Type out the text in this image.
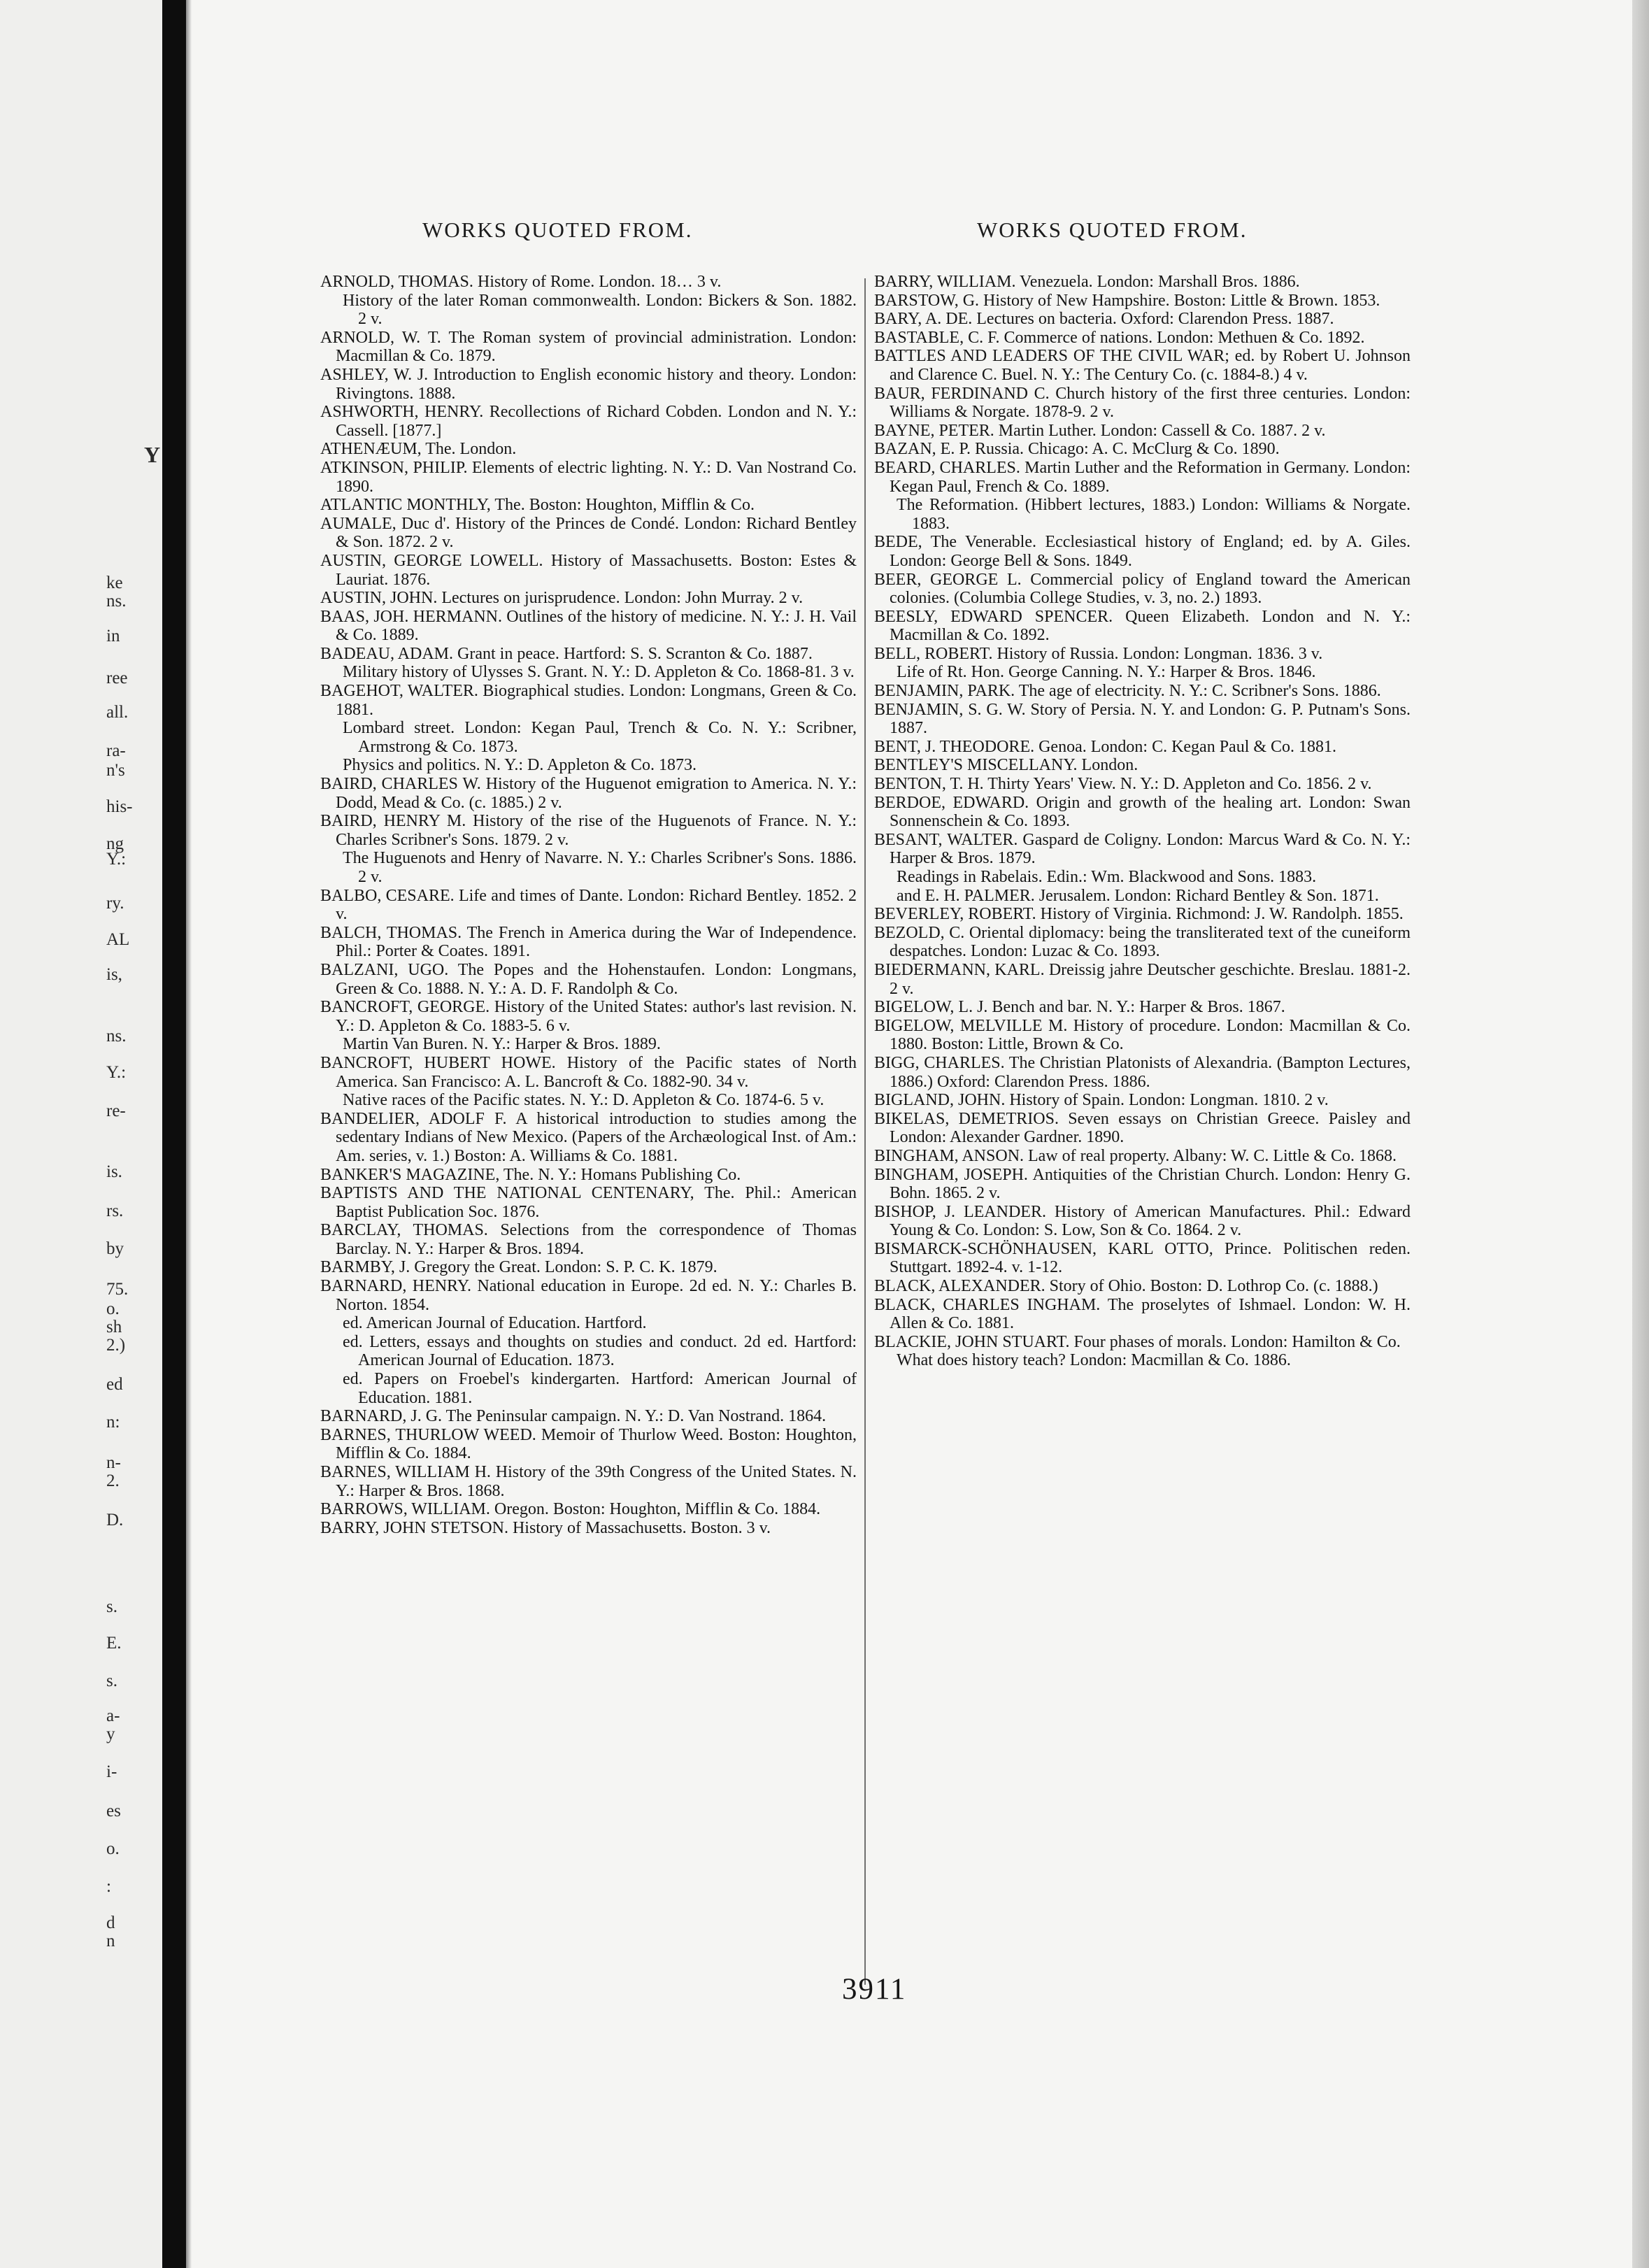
Y
ke
ns.
in
ree
all.
ra-
n's
his-
ng
Y.:
ry.
AL
is,
ns.
Y.:
re-
is.
rs.
by
75.
o.
sh
2.)
ed
n:
n-
2.
D.
s.
E.
s.
a-
y
i-
es
o.
:
d
n
WORKS QUOTED FROM.	WORKS QUOTED FROM.

ARNOLD, THOMAS. History of Rome. London. 18… 3 v.

History of the later Roman commonwealth. London: Bickers & Son. 1882. 2 v.

ARNOLD, W. T. The Roman system of provincial administration. London: Macmillan & Co. 1879.

ASHLEY, W. J. Introduction to English economic history and theory. London: Rivingtons. 1888.

ASHWORTH, HENRY. Recollections of Richard Cobden. London and N. Y.: Cassell. [1877.]

ATHENÆUM, The. London.

ATKINSON, PHILIP. Elements of electric lighting. N. Y.: D. Van Nostrand Co. 1890.

ATLANTIC MONTHLY, The. Boston: Houghton, Mifflin & Co.

AUMALE, Duc d'. History of the Princes de Condé. London: Richard Bentley & Son. 1872. 2 v.

AUSTIN, GEORGE LOWELL. History of Massachusetts. Boston: Estes & Lauriat. 1876.

AUSTIN, JOHN. Lectures on jurisprudence. London: John Murray. 2 v.

BAAS, JOH. HERMANN. Outlines of the history of medicine. N. Y.: J. H. Vail & Co. 1889.

BADEAU, ADAM. Grant in peace. Hartford: S. S. Scranton & Co. 1887.

Military history of Ulysses S. Grant. N. Y.: D. Appleton & Co. 1868-81. 3 v.

BAGEHOT, WALTER. Biographical studies. London: Longmans, Green & Co. 1881.

Lombard street. London: Kegan Paul, Trench & Co. N. Y.: Scribner, Armstrong & Co. 1873.

Physics and politics. N. Y.: D. Appleton & Co. 1873.

BAIRD, CHARLES W. History of the Huguenot emigration to America. N. Y.: Dodd, Mead & Co. (c. 1885.) 2 v.

BAIRD, HENRY M. History of the rise of the Huguenots of France. N. Y.: Charles Scribner's Sons. 1879. 2 v.

The Huguenots and Henry of Navarre. N. Y.: Charles Scribner's Sons. 1886. 2 v.

BALBO, CESARE. Life and times of Dante. London: Richard Bentley. 1852. 2 v.

BALCH, THOMAS. The French in America during the War of Independence. Phil.: Porter & Coates. 1891.

BALZANI, UGO. The Popes and the Hohenstaufen. London: Longmans, Green & Co. 1888. N. Y.: A. D. F. Randolph & Co.

BANCROFT, GEORGE. History of the United States: author's last revision. N. Y.: D. Appleton & Co. 1883-5. 6 v.

Martin Van Buren. N. Y.: Harper & Bros. 1889.

BANCROFT, HUBERT HOWE. History of the Pacific states of North America. San Francisco: A. L. Bancroft & Co. 1882-90. 34 v.

Native races of the Pacific states. N. Y.: D. Appleton & Co. 1874-6. 5 v.

BANDELIER, ADOLF F. A historical introduction to studies among the sedentary Indians of New Mexico. (Papers of the Archæological Inst. of Am.: Am. series, v. 1.) Boston: A. Williams & Co. 1881.

BANKER'S MAGAZINE, The. N. Y.: Homans Publishing Co.

BAPTISTS AND THE NATIONAL CENTENARY, The. Phil.: American Baptist Publication Soc. 1876.

BARCLAY, THOMAS. Selections from the correspondence of Thomas Barclay. N. Y.: Harper & Bros. 1894.

BARMBY, J. Gregory the Great. London: S. P. C. K. 1879.

BARNARD, HENRY. National education in Europe. 2d ed. N. Y.: Charles B. Norton. 1854.

ed. American Journal of Education. Hartford.

ed. Letters, essays and thoughts on studies and conduct. 2d ed. Hartford: American Journal of Education. 1873.

ed. Papers on Froebel's kindergarten. Hartford: American Journal of Education. 1881.

BARNARD, J. G. The Peninsular campaign. N. Y.: D. Van Nostrand. 1864.

BARNES, THURLOW WEED. Memoir of Thurlow Weed. Boston: Houghton, Mifflin & Co. 1884.

BARNES, WILLIAM H. History of the 39th Congress of the United States. N. Y.: Harper & Bros. 1868.

BARROWS, WILLIAM. Oregon. Boston: Houghton, Mifflin & Co. 1884.

BARRY, JOHN STETSON. History of Massachusetts. Boston. 3 v.

BARRY, WILLIAM. Venezuela. London: Marshall Bros. 1886.

BARSTOW, G. History of New Hampshire. Boston: Little & Brown. 1853.

BARY, A. DE. Lectures on bacteria. Oxford: Clarendon Press. 1887.

BASTABLE, C. F. Commerce of nations. London: Methuen & Co. 1892.

BATTLES AND LEADERS OF THE CIVIL WAR; ed. by Robert U. Johnson and Clarence C. Buel. N. Y.: The Century Co. (c. 1884-8.) 4 v.

BAUR, FERDINAND C. Church history of the first three centuries. London: Williams & Norgate. 1878-9. 2 v.

BAYNE, PETER. Martin Luther. London: Cassell & Co. 1887. 2 v.

BAZAN, E. P. Russia. Chicago: A. C. McClurg & Co. 1890.

BEARD, CHARLES. Martin Luther and the Reformation in Germany. London: Kegan Paul, French & Co. 1889.

The Reformation. (Hibbert lectures, 1883.) London: Williams & Norgate. 1883.

BEDE, The Venerable. Ecclesiastical history of England; ed. by A. Giles. London: George Bell & Sons. 1849.

BEER, GEORGE L. Commercial policy of England toward the American colonies. (Columbia College Studies, v. 3, no. 2.) 1893.

BEESLY, EDWARD SPENCER. Queen Elizabeth. London and N. Y.: Macmillan & Co. 1892.

BELL, ROBERT. History of Russia. London: Longman. 1836. 3 v.

Life of Rt. Hon. George Canning. N. Y.: Harper & Bros. 1846.

BENJAMIN, PARK. The age of electricity. N. Y.: C. Scribner's Sons. 1886.

BENJAMIN, S. G. W. Story of Persia. N. Y. and London: G. P. Putnam's Sons. 1887.

BENT, J. THEODORE. Genoa. London: C. Kegan Paul & Co. 1881.

BENTLEY'S MISCELLANY. London.

BENTON, T. H. Thirty Years' View. N. Y.: D. Appleton and Co. 1856. 2 v.

BERDOE, EDWARD. Origin and growth of the healing art. London: Swan Sonnenschein & Co. 1893.

BESANT, WALTER. Gaspard de Coligny. London: Marcus Ward & Co. N. Y.: Harper & Bros. 1879.

Readings in Rabelais. Edin.: Wm. Blackwood and Sons. 1883.

and E. H. PALMER. Jerusalem. London: Richard Bentley & Son. 1871.

BEVERLEY, ROBERT. History of Virginia. Richmond: J. W. Randolph. 1855.

BEZOLD, C. Oriental diplomacy: being the transliterated text of the cuneiform despatches. London: Luzac & Co. 1893.

BIEDERMANN, KARL. Dreissig jahre Deutscher geschichte. Breslau. 1881-2. 2 v.

BIGELOW, L. J. Bench and bar. N. Y.: Harper & Bros. 1867.

BIGELOW, MELVILLE M. History of procedure. London: Macmillan & Co. 1880. Boston: Little, Brown & Co.

BIGG, CHARLES. The Christian Platonists of Alexandria. (Bampton Lectures, 1886.) Oxford: Clarendon Press. 1886.

BIGLAND, JOHN. History of Spain. London: Longman. 1810. 2 v.

BIKELAS, DEMETRIOS. Seven essays on Christian Greece. Paisley and London: Alexander Gardner. 1890.

BINGHAM, ANSON. Law of real property. Albany: W. C. Little & Co. 1868.

BINGHAM, JOSEPH. Antiquities of the Christian Church. London: Henry G. Bohn. 1865. 2 v.

BISHOP, J. LEANDER. History of American Manufactures. Phil.: Edward Young & Co. London: S. Low, Son & Co. 1864. 2 v.

BISMARCK-SCHÖNHAUSEN, KARL OTTO, Prince. Politischen reden. Stuttgart. 1892-4. v. 1-12.

BLACK, ALEXANDER. Story of Ohio. Boston: D. Lothrop Co. (c. 1888.)

BLACK, CHARLES INGHAM. The proselytes of Ishmael. London: W. H. Allen & Co. 1881.

BLACKIE, JOHN STUART. Four phases of morals. London: Hamilton & Co.

What does history teach? London: Macmillan & Co. 1886.

3911
